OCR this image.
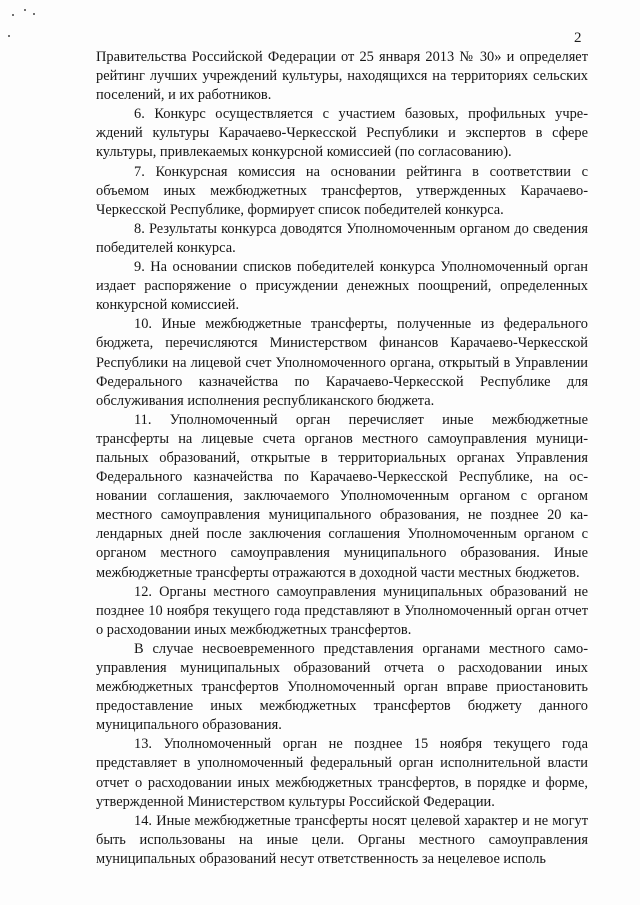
2

Правительства Российской Федерации от 25 января 2013 № 30» и определяет рейтинг лучших учреждений культуры, находящихся на территориях сельских поселений, и их работников.

6. Конкурс осуществляется с участием базовых, профильных учреждений культуры Карачаево-Черкесской Республики и экспертов в сфере культуры, привлекаемых конкурсной комиссией (по согласованию).

7. Конкурсная комиссия на основании рейтинга в соответствии с объемом иных межбюджетных трансфертов, утвержденных Карачаево-Черкесской Республике, формирует список победителей конкурса.

8. Результаты конкурса доводятся Уполномоченным органом до сведения победителей конкурса.

9. На основании списков победителей конкурса Уполномоченный орган издает распоряжение о присуждении денежных поощрений, определенных конкурсной комиссией.

10. Иные межбюджетные трансферты, полученные из федерального бюджета, перечисляются Министерством финансов Карачаево-Черкесской Республики на лицевой счет Уполномоченного органа, открытый в Управлении Федерального казначейства по Карачаево-Черкесской Республике для обслуживания исполнения республиканского бюджета.

11. Уполномоченный орган перечисляет иные межбюджетные трансферты на лицевые счета органов местного самоуправления муниципальных образований, открытые в территориальных органах Управления Федерального казначейства по Карачаево-Черкесской Республике, на основании соглашения, заключаемого Уполномоченным органом с органом местного самоуправления муниципального образования, не позднее 20 календарных дней после заключения соглашения Уполномоченным органом с органом местного самоуправления муниципального образования. Иные межбюджетные трансферты отражаются в доходной части местных бюджетов.

12. Органы местного самоуправления муниципальных образований не позднее 10 ноября текущего года представляют в Уполномоченный орган отчет о расходовании иных межбюджетных трансфертов.

В случае несвоевременного представления органами местного самоуправления муниципальных образований отчета о расходовании иных межбюджетных трансфертов Уполномоченный орган вправе приостановить предоставление иных межбюджетных трансфертов бюджету данного муниципального образования.

13. Уполномоченный орган не позднее 15 ноября текущего года представляет в уполномоченный федеральный орган исполнительной власти отчет о расходовании иных межбюджетных трансфертов, в порядке и форме, утвержденной Министерством культуры Российской Федерации.

14. Иные межбюджетные трансферты носят целевой характер и не могут быть использованы на иные цели. Органы местного самоуправления муниципальных образований несут ответственность за нецелевое исполь
